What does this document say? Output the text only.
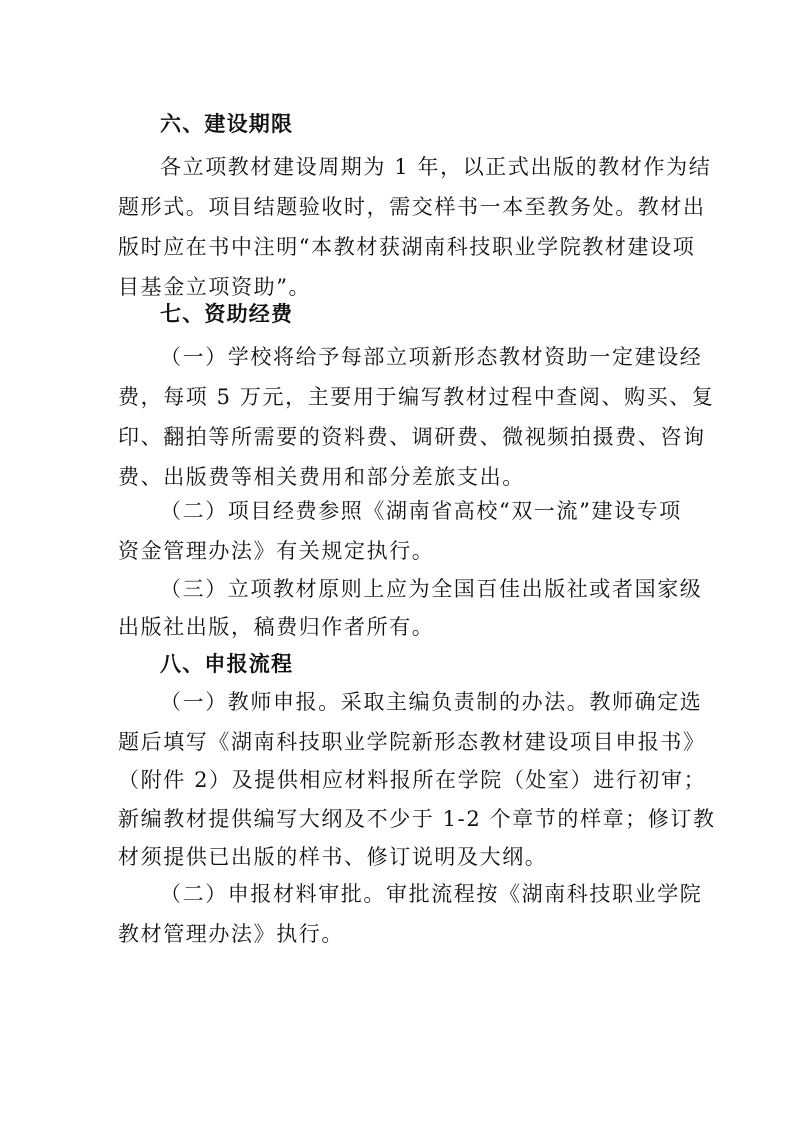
六、建设期限
各立项教材建设周期为 1 年，以正式出版的教材作为结
题形式。项目结题验收时，需交样书一本至教务处。教材出
版时应在书中注明“本教材获湖南科技职业学院教材建设项
目基金立项资助”。
七、资助经费
（一）学校将给予每部立项新形态教材资助一定建设经
费，每项 5 万元，主要用于编写教材过程中查阅、购买、复
印、翻拍等所需要的资料费、调研费、微视频拍摄费、咨询
费、出版费等相关费用和部分差旅支出。
（二）项目经费参照《湖南省高校“双一流”建设专项
资金管理办法》有关规定执行。
（三）立项教材原则上应为全国百佳出版社或者国家级
出版社出版，稿费归作者所有。
八、申报流程
（一）教师申报。采取主编负责制的办法。教师确定选
题后填写《湖南科技职业学院新形态教材建设项目申报书》
（附件 2）及提供相应材料报所在学院（处室）进行初审；
新编教材提供编写大纲及不少于 1-2 个章节的样章；修订教
材须提供已出版的样书、修订说明及大纲。
（二）申报材料审批。审批流程按《湖南科技职业学院
教材管理办法》执行。
